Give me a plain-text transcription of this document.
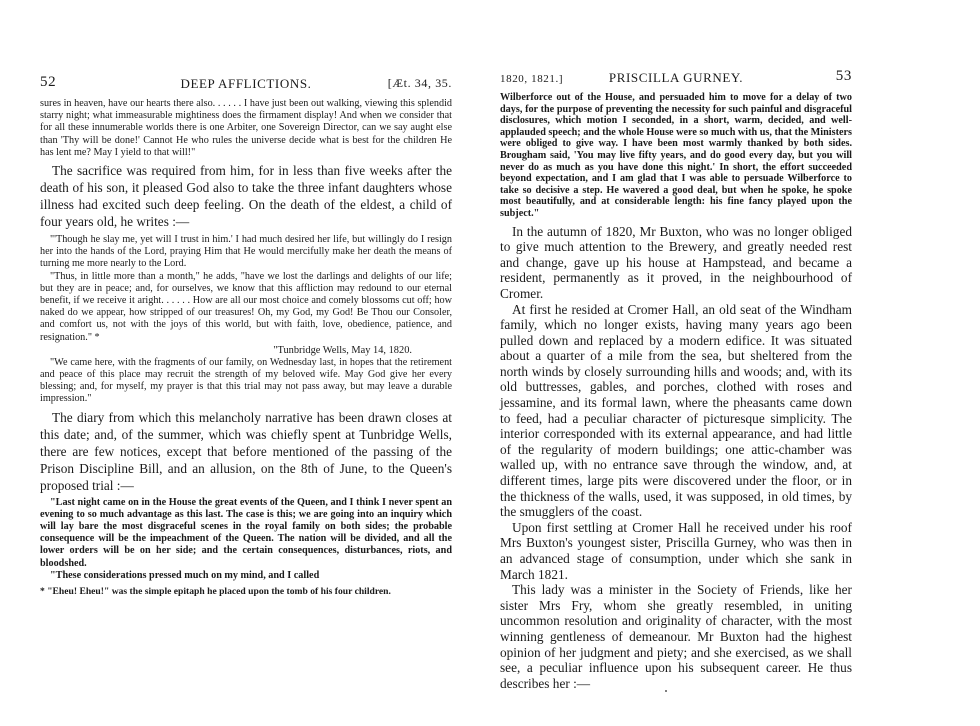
52	DEEP AFFLICTIONS.	[Æt. 34, 35.

sures in heaven, have our hearts there also. . . . . . I have just been out walking, viewing this splendid starry night; what immeasurable mightiness does the firmament display! And when we consider that for all these innumerable worlds there is one Arbiter, one Sovereign Director, can we say aught else than 'Thy will be done!' Cannot He who rules the universe decide what is best for the children He has lent me? May I yield to that will!"

The sacrifice was required from him, for in less than five weeks after the death of his son, it pleased God also to take the three infant daughters whose illness had excited such deep feeling. On the death of the eldest, a child of four years old, he writes :—

"'Though he slay me, yet will I trust in him.' I had much desired her life, but willingly do I resign her into the hands of the Lord, praying Him that He would mercifully make her death the means of turning me more nearly to the Lord.

"Thus, in little more than a month," he adds, "have we lost the darlings and delights of our life; but they are in peace; and, for ourselves, we know that this affliction may redound to our eternal benefit, if we receive it aright. . . . . . How are all our most choice and comely blossoms cut off; how naked do we appear, how stripped of our treasures! Oh, my God, my God! Be Thou our Consoler, and comfort us, not with the joys of this world, but with faith, love, obedience, patience, and resignation." *

"Tunbridge Wells, May 14, 1820.

"We came here, with the fragments of our family, on Wednesday last, in hopes that the retirement and peace of this place may recruit the strength of my beloved wife. May God give her every blessing; and, for myself, my prayer is that this trial may not pass away, but may leave a durable impression."

The diary from which this melancholy narrative has been drawn closes at this date; and, of the summer, which was chiefly spent at Tunbridge Wells, there are few notices, except that before mentioned of the passing of the Prison Discipline Bill, and an allusion, on the 8th of June, to the Queen's proposed trial :—

"Last night came on in the House the great events of the Queen, and I think I never spent an evening to so much advantage as this last. The case is this; we are going into an inquiry which will lay bare the most disgraceful scenes in the royal family on both sides; the probable consequence will be the impeachment of the Queen. The nation will be divided, and all the lower orders will be on her side; and the certain consequences, disturbances, riots, and bloodshed.

"These considerations pressed much on my mind, and I called

* "Eheu! Eheu!" was the simple epitaph he placed upon the tomb of his four children.
1820, 1821.]	PRISCILLA GURNEY.	53

Wilberforce out of the House, and persuaded him to move for a delay of two days, for the purpose of preventing the necessity for such painful and disgraceful disclosures, which motion I seconded, in a short, warm, decided, and well-applauded speech; and the whole House were so much with us, that the Ministers were obliged to give way. I have been most warmly thanked by both sides. Brougham said, 'You may live fifty years, and do good every day, but you will never do as much as you have done this night.' In short, the effort succeeded beyond expectation, and I am glad that I was able to persuade Wilberforce to take so decisive a step. He wavered a good deal, but when he spoke, he spoke most beautifully, and at considerable length: his fine fancy played upon the subject."

In the autumn of 1820, Mr Buxton, who was no longer obliged to give much attention to the Brewery, and greatly needed rest and change, gave up his house at Hampstead, and became a resident, permanently as it proved, in the neighbourhood of Cromer.

At first he resided at Cromer Hall, an old seat of the Windham family, which no longer exists, having many years ago been pulled down and replaced by a modern edifice. It was situated about a quarter of a mile from the sea, but sheltered from the north winds by closely surrounding hills and woods; and, with its old buttresses, gables, and porches, clothed with roses and jessamine, and its formal lawn, where the pheasants came down to feed, had a peculiar character of picturesque simplicity. The interior corresponded with its external appearance, and had little of the regularity of modern buildings; one attic-chamber was walled up, with no entrance save through the window, and, at different times, large pits were discovered under the floor, or in the thickness of the walls, used, it was supposed, in old times, by the smugglers of the coast.

Upon first settling at Cromer Hall he received under his roof Mrs Buxton's youngest sister, Priscilla Gurney, who was then in an advanced stage of consumption, under which she sank in March 1821.

This lady was a minister in the Society of Friends, like her sister Mrs Fry, whom she greatly resembled, in uniting uncommon resolution and originality of character, with the most winning gentleness of demeanour. Mr Buxton had the highest opinion of her judgment and piety; and she exercised, as we shall see, a peculiar influence upon his subsequent career. He thus describes her :—
